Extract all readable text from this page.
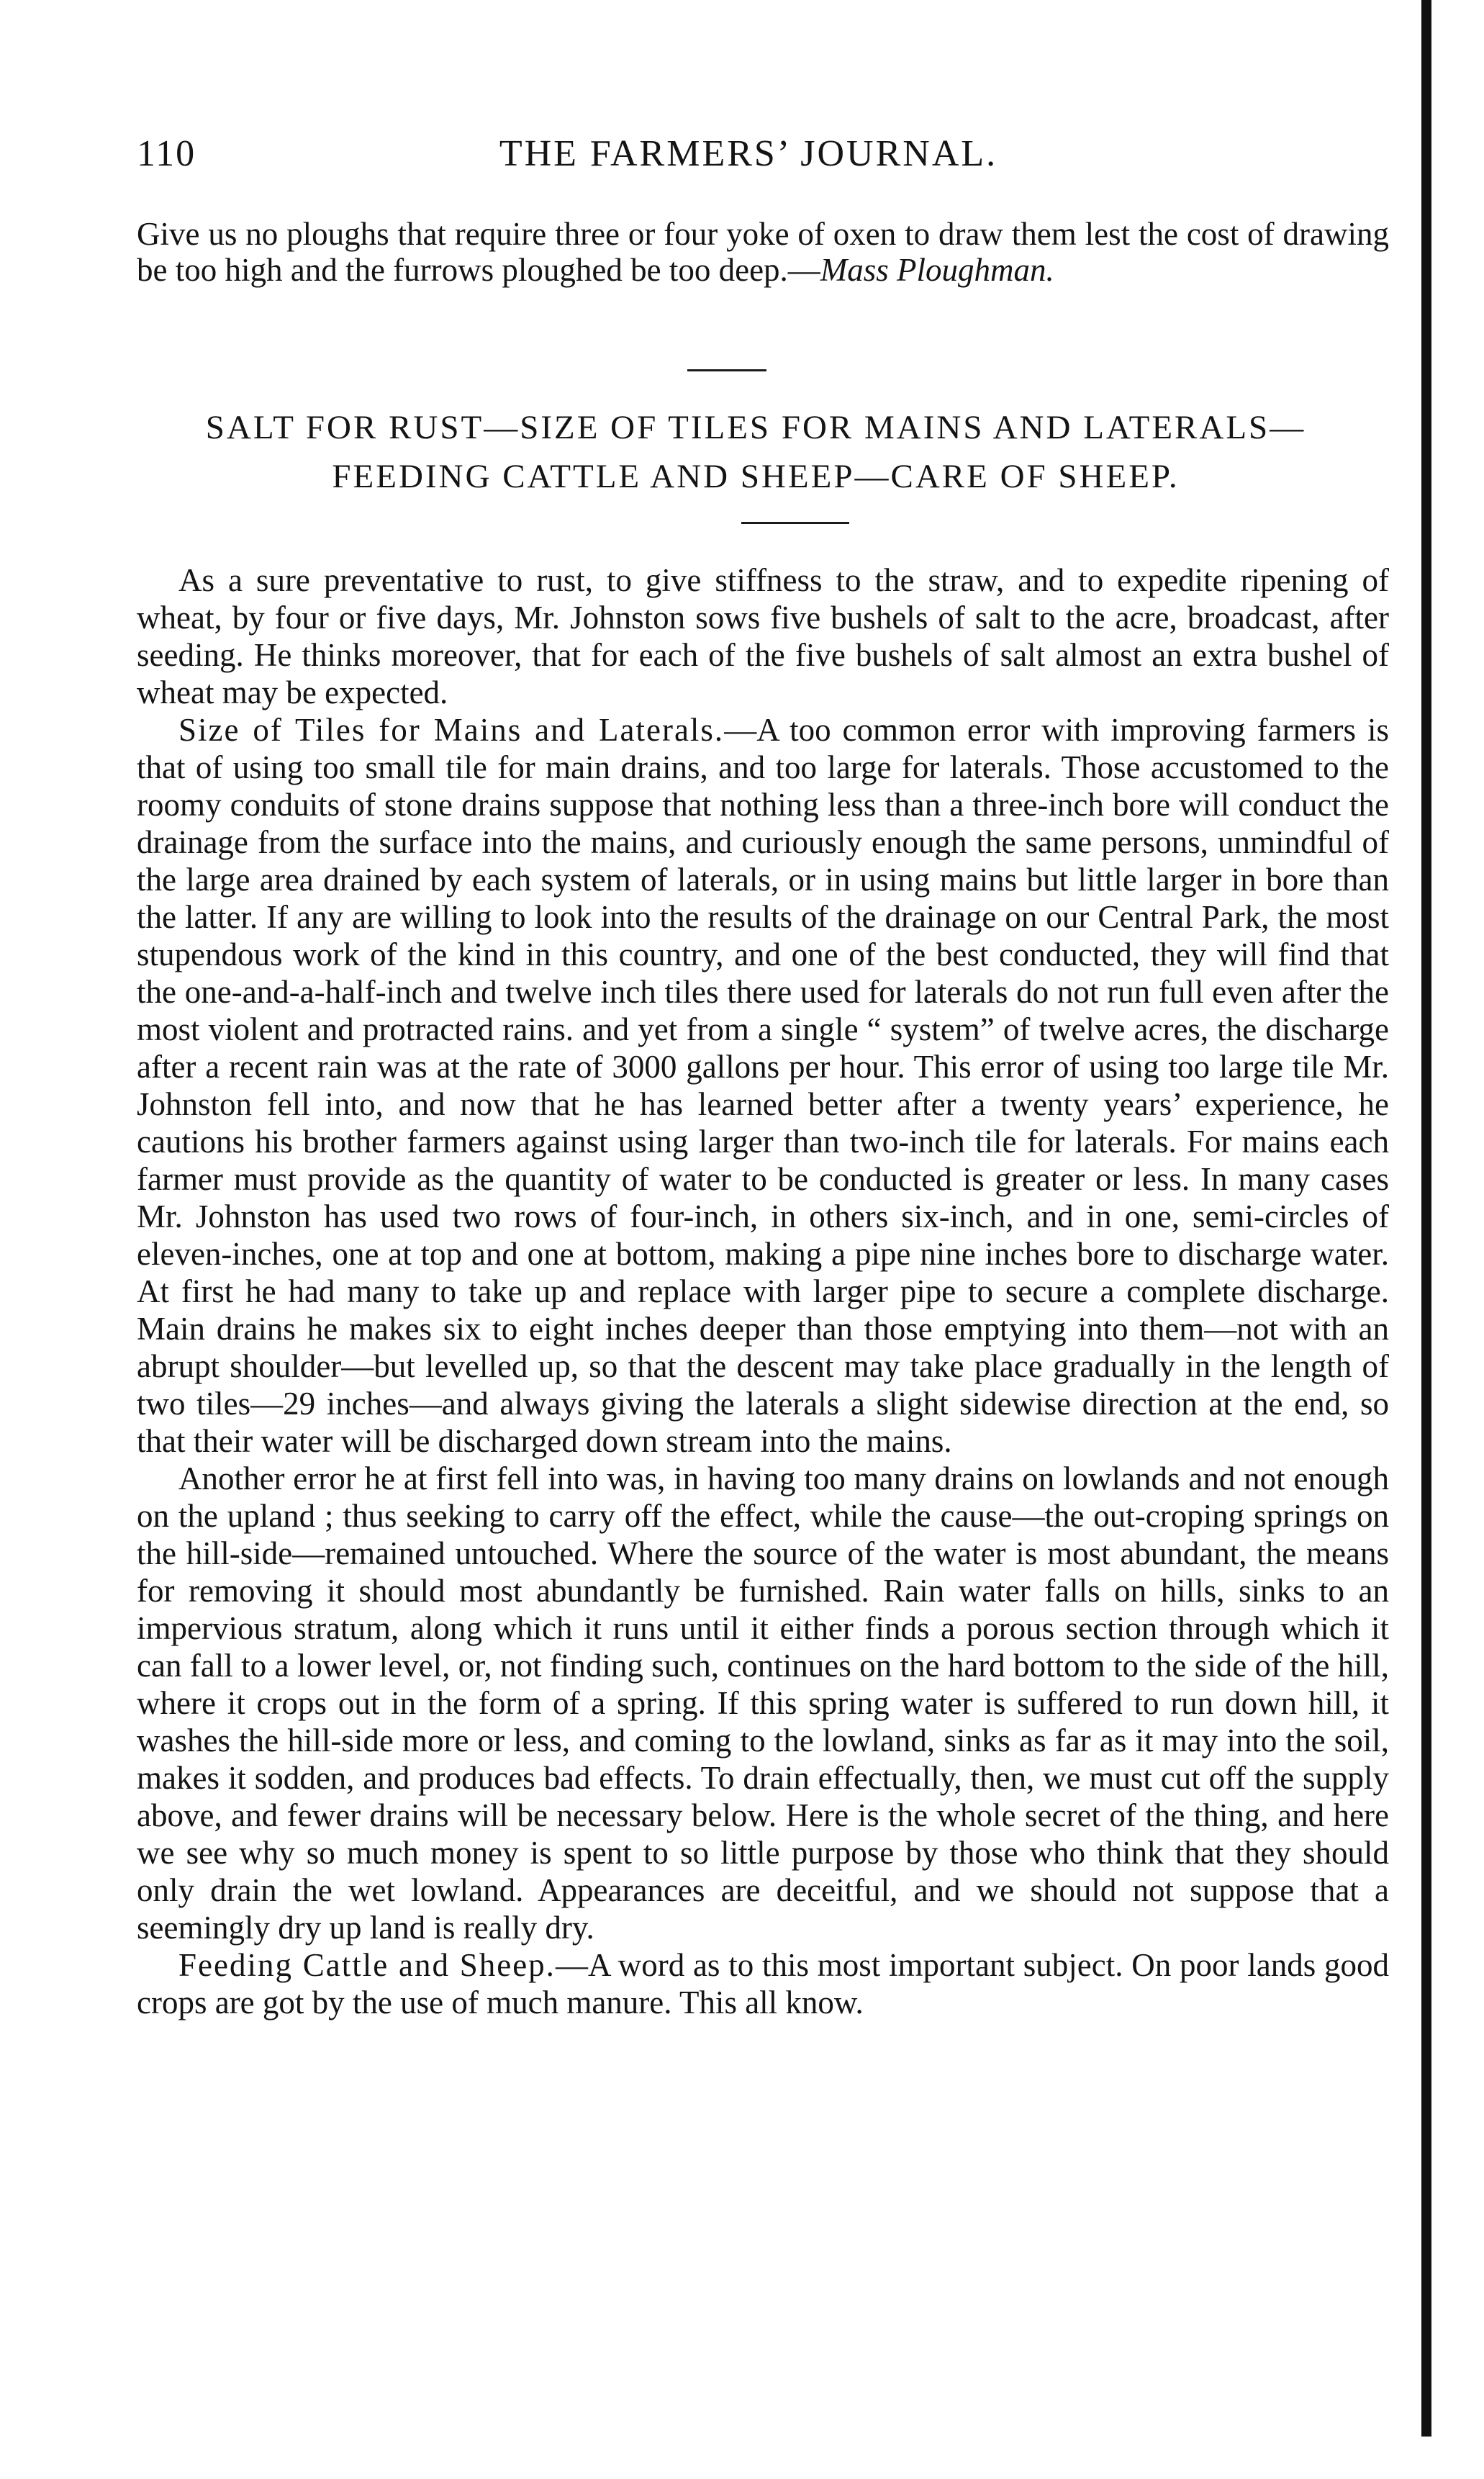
110	THE FARMERS’ JOURNAL.
Give us no ploughs that require three or four yoke of oxen to draw them lest the cost of drawing be too high and the furrows ploughed be too deep.—Mass Ploughman.
SALT FOR RUST—SIZE OF TILES FOR MAINS AND LATERALS—
FEEDING CATTLE AND SHEEP—CARE OF SHEEP.

As a sure preventative to rust, to give stiffness to the straw, and to expedite ripening of wheat, by four or five days, Mr. Johnston sows five bushels of salt to the acre, broadcast, after seeding. He thinks moreover, that for each of the five bushels of salt almost an extra bushel of wheat may be expected.

Size of Tiles for Mains and Laterals.—A too common error with improving farmers is that of using too small tile for main drains, and too large for laterals. Those accustomed to the roomy conduits of stone drains suppose that nothing less than a three-inch bore will conduct the drainage from the surface into the mains, and curiously enough the same persons, unmindful of the large area drained by each system of laterals, or in using mains but little larger in bore than the latter. If any are willing to look into the results of the drainage on our Central Park, the most stupendous work of the kind in this country, and one of the best conducted, they will find that the one-and-a-half-inch and twelve inch tiles there used for laterals do not run full even after the most violent and protracted rains. and yet from a single “ system” of twelve acres, the discharge after a recent rain was at the rate of 3000 gallons per hour. This error of using too large tile Mr. Johnston fell into, and now that he has learned better after a twenty years’ experience, he cautions his brother farmers against using larger than two-inch tile for laterals. For mains each farmer must provide as the quantity of water to be conducted is greater or less. In many cases Mr. Johnston has used two rows of four-inch, in others six-inch, and in one, semi-circles of eleven-inches, one at top and one at bottom, making a pipe nine inches bore to discharge water. At first he had many to take up and replace with larger pipe to secure a complete discharge. Main drains he makes six to eight inches deeper than those emptying into them—not with an abrupt shoulder—but levelled up, so that the descent may take place gradually in the length of two tiles—29 inches—and always giving the laterals a slight sidewise direction at the end, so that their water will be discharged down stream into the mains.

Another error he at first fell into was, in having too many drains on lowlands and not enough on the upland ; thus seeking to carry off the effect, while the cause—the out-croping springs on the hill-side—remained untouched. Where the source of the water is most abundant, the means for removing it should most abundantly be furnished. Rain water falls on hills, sinks to an impervious stratum, along which it runs until it either finds a porous section through which it can fall to a lower level, or, not finding such, continues on the hard bottom to the side of the hill, where it crops out in the form of a spring. If this spring water is suffered to run down hill, it washes the hill-side more or less, and coming to the lowland, sinks as far as it may into the soil, makes it sodden, and produces bad effects. To drain effectually, then, we must cut off the supply above, and fewer drains will be necessary below. Here is the whole secret of the thing, and here we see why so much money is spent to so little purpose by those who think that they should only drain the wet lowland. Appearances are deceitful, and we should not suppose that a seemingly dry up land is really dry.

Feeding Cattle and Sheep.—A word as to this most important subject. On poor lands good crops are got by the use of much manure. This all know.
